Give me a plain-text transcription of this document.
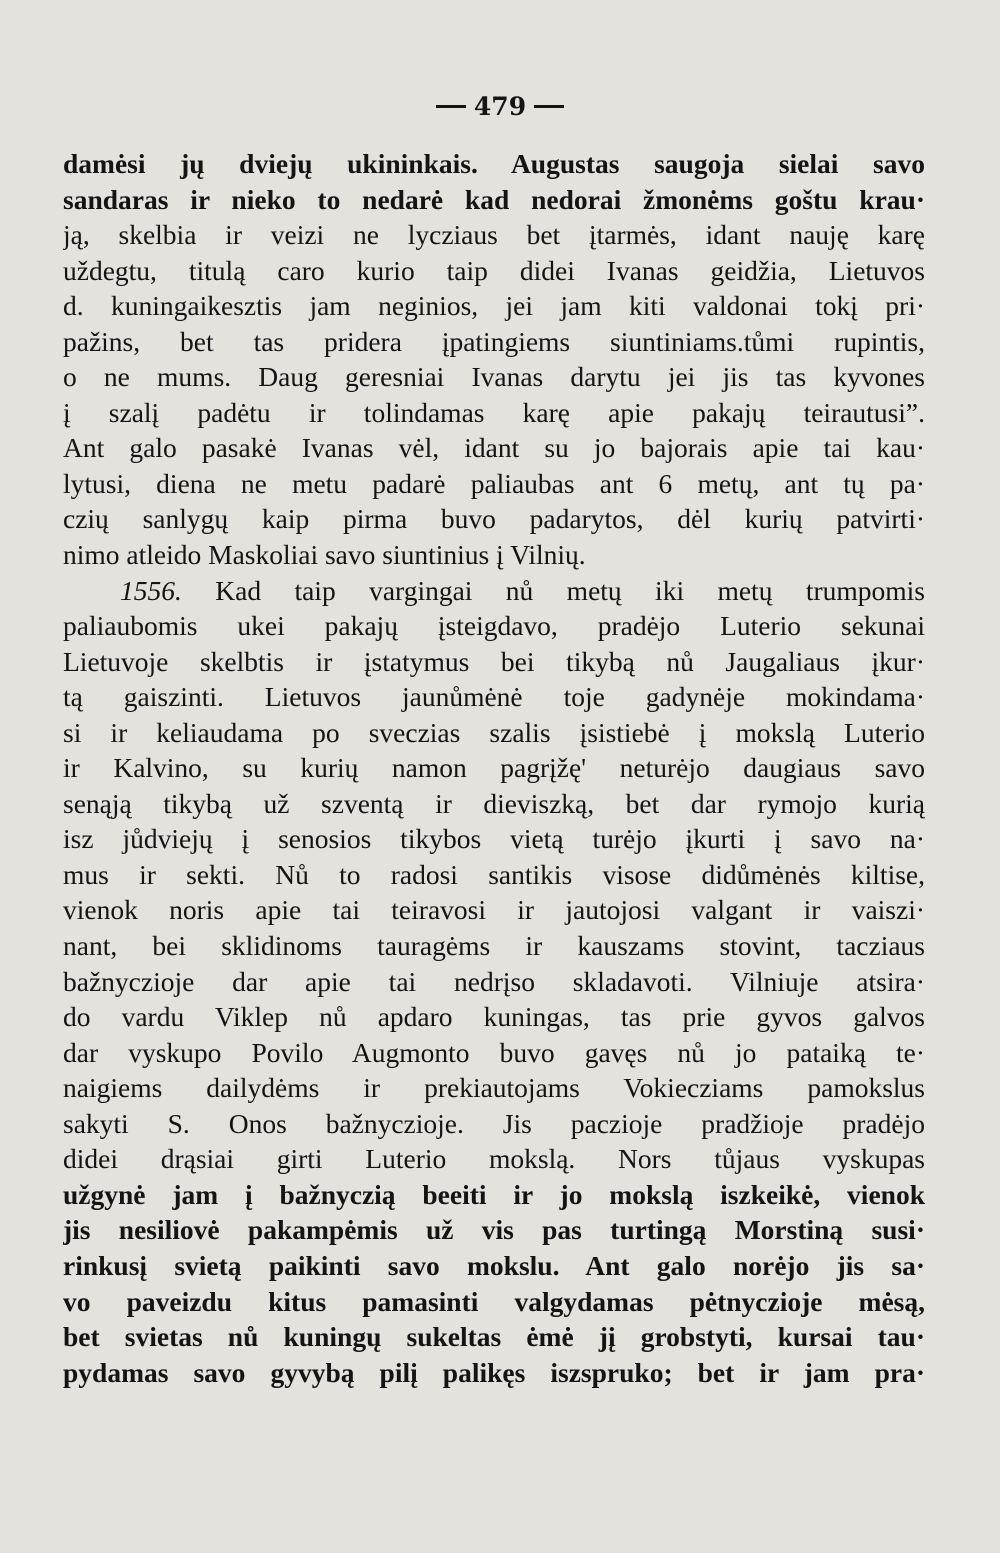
479
damėsi jų dviejų ukininkais. Augustas saugoja sielai savo
sandaras ir nieko to nedarė kad nedorai žmonėms goštu krau·
ją, skelbia ir veizi ne lycziaus bet įtarmės, idant nauję karę
uždegtu, titulą caro kurio taip didei Ivanas geidžia, Lietuvos
d. kuningaikesztis jam neginios, jei jam kiti valdonai tokį pri·
pažins, bet tas pridera įpatingiems siuntiniams.tůmi rupintis,
o ne mums. Daug geresniai Ivanas darytu jei jis tas kyvones
į szalį padėtu ir tolindamas karę apie pakajų teirautusi”.
Ant galo pasakė Ivanas vėl, idant su jo bajorais apie tai kau·
lytusi, diena ne metu padarė paliaubas ant 6 metų, ant tų pa·
czių sanlygų kaip pirma buvo padarytos, dėl kurių patvirti·
nimo atleido Maskoliai savo siuntinius į Vilnių.
1556. Kad taip vargingai nů metų iki metų trumpomis
paliaubomis ukei pakajų įsteigdavo, pradėjo Luterio sekunai
Lietuvoje skelbtis ir įstatymus bei tikybą nů Jaugaliaus įkur·
tą gaiszinti. Lietuvos jaunůmėnė toje gadynėje mokindama·
si ir keliaudama po sveczias szalis įsistiebė į mokslą Luterio
ir Kalvino, su kurių namon pagrįžę' neturėjo daugiaus savo
senąją tikybą už szventą ir dieviszką, bet dar rymojo kurią
isz jůdviejų į senosios tikybos vietą turėjo įkurti į savo na·
mus ir sekti. Nů to radosi santikis visose didůmėnės kiltise,
vienok noris apie tai teiravosi ir jautojosi valgant ir vaiszi·
nant, bei sklidinoms tauragėms ir kauszams stovint, tacziaus
bažnyczioje dar apie tai nedrįso skladavoti. Vilniuje atsira·
do vardu Viklep nů apdaro kuningas, tas prie gyvos galvos
dar vyskupo Povilo Augmonto buvo gavęs nů jo pataiką te·
naigiems dailydėms ir prekiautojams Vokiecziams pamokslus
sakyti S. Onos bažnyczioje. Jis paczioje pradžioje pradėjo
didei drąsiai girti Luterio mokslą. Nors tůjaus vyskupas
užgynė jam į bažnyczią beeiti ir jo mokslą iszkeikė, vienok
jis nesiliovė pakampėmis už vis pas turtingą Morstiną susi·
rinkusį svietą paikinti savo mokslu. Ant galo norėjo jis sa·
vo paveizdu kitus pamasinti valgydamas pėtnyczioje mėsą,
bet svietas nů kuningų sukeltas ėmė jį grobstyti, kursai tau·
pydamas savo gyvybą pilį palikęs iszspruko; bet ir jam pra·
